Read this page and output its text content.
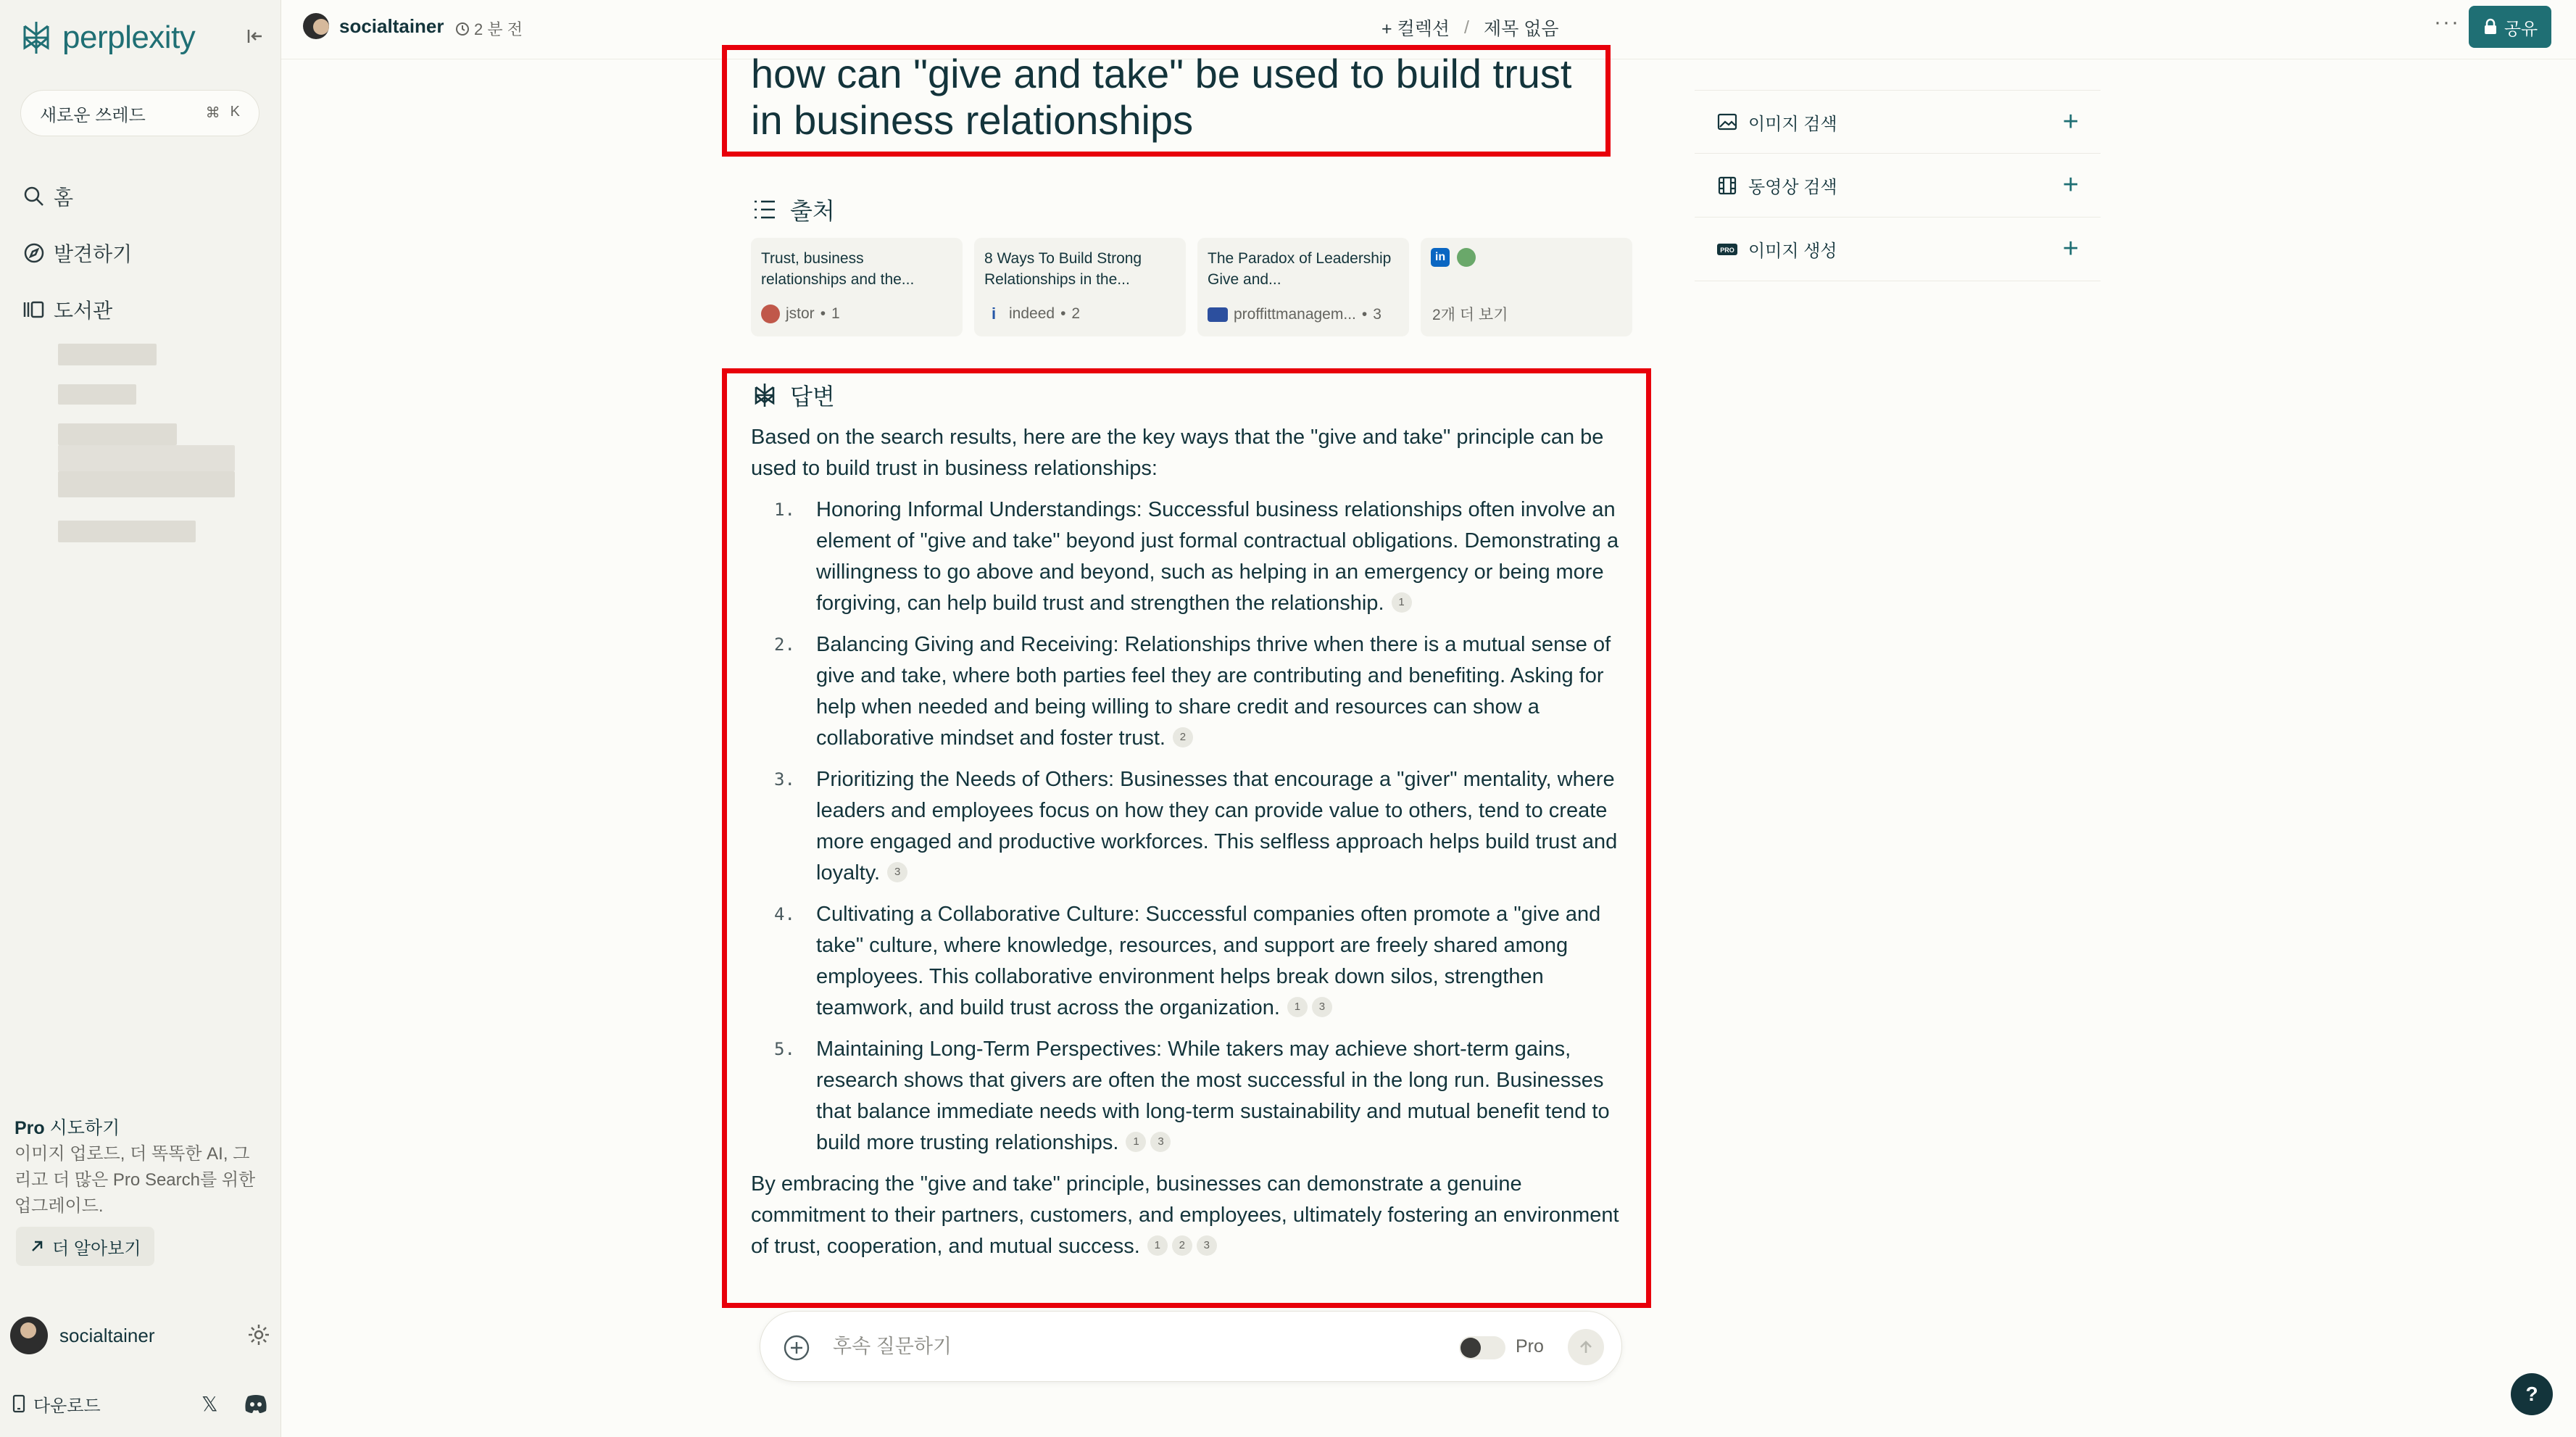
perplexity
새로운 쓰레드	⌘ K
홈
발견하기
도서관
Pro 시도하기
이미지 업로드, 더 똑똑한 AI, 그리고 더 많은 Pro Search를 위한 업그레이드.
더 알아보기
socialtainer
다운로드	𝕏
socialtainer 2 분 전	+ 컬렉션 / 제목 없음	···	공유
how can "give and take" be used to build trust in business relationships
출처
Trust, business relationships and the...
jstor • 1
8 Ways To Build Strong Relationships in the...
i indeed • 2
The Paradox of Leadership Give and...
proffittmanagem... • 3
in
2개 더 보기
답변

Based on the search results, here are the key ways that the "give and take" principle can be used to build trust in business relationships:

1. Honoring Informal Understandings: Successful business relationships often involve an element of "give and take" beyond just formal contractual obligations. Demonstrating a willingness to go above and beyond, such as helping in an emergency or being more forgiving, can help build trust and strengthen the relationship. 1
2. Balancing Giving and Receiving: Relationships thrive when there is a mutual sense of give and take, where both parties feel they are contributing and benefiting. Asking for help when needed and being willing to share credit and resources can show a collaborative mindset and foster trust. 2
3. Prioritizing the Needs of Others: Businesses that encourage a "giver" mentality, where leaders and employees focus on how they can provide value to others, tend to create more engaged and productive workforces. This selfless approach helps build trust and loyalty. 3
4. Cultivating a Collaborative Culture: Successful companies often promote a "give and take" culture, where knowledge, resources, and support are freely shared among employees. This collaborative environment helps break down silos, strengthen teamwork, and build trust across the organization. 1 3
5. Maintaining Long-Term Perspectives: While takers may achieve short-term gains, research shows that givers are often the most successful in the long run. Businesses that balance immediate needs with long-term sustainability and mutual benefit tend to build more trusting relationships. 1 3

By embracing the "give and take" principle, businesses can demonstrate a genuine commitment to their partners, customers, and employees, ultimately fostering an environment of trust, cooperation, and mutual success. 1 2 3

후속 질문하기
Pro
이미지 검색	+
동영상 검색	+
PRO 이미지 생성	+
?
